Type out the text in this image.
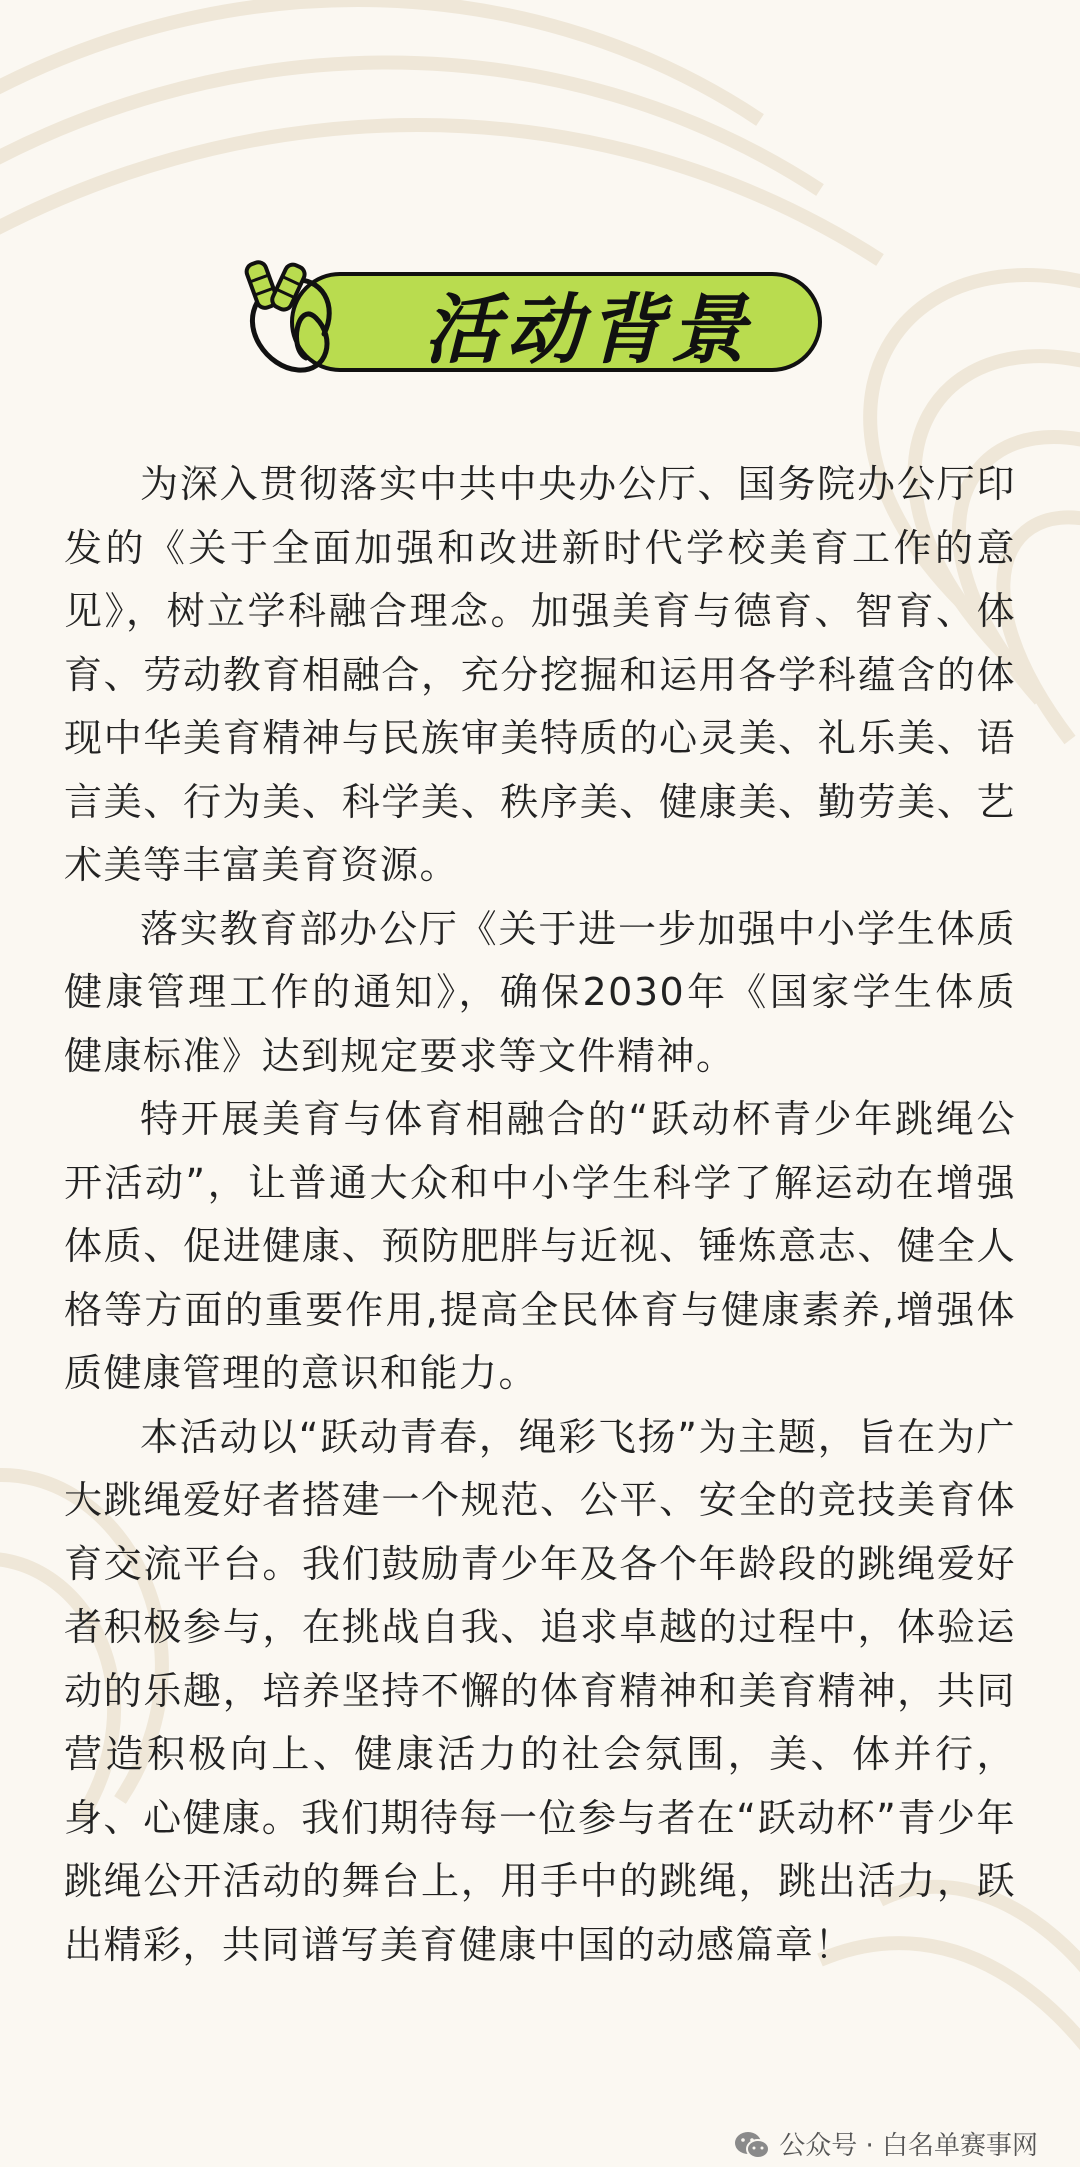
活动背景

为深入贯彻落实中共中央办公厅、国务院办公厅印发的《关于全面加强和改进新时代学校美育工作的意见》，树立学科融合理念。加强美育与德育、智育、体育、劳动教育相融合，充分挖掘和运用各学科蕴含的体现中华美育精神与民族审美特质的心灵美、礼乐美、语言美、行为美、科学美、秩序美、健康美、勤劳美、艺术美等丰富美育资源。

落实教育部办公厅《关于进一步加强中小学生体质健康管理工作的通知》，确保2030年《国家学生体质健康标准》达到规定要求等文件精神。

特开展美育与体育相融合的“跃动杯青少年跳绳公开活动”，让普通大众和中小学生科学了解运动在增强体质、促进健康、预防肥胖与近视、锤炼意志、健全人格等方面的重要作用,提高全民体育与健康素养,增强体质健康管理的意识和能力。

本活动以“跃动青春，绳彩飞扬”为主题，旨在为广大跳绳爱好者搭建一个规范、公平、安全的竞技美育体育交流平台。我们鼓励青少年及各个年龄段的跳绳爱好者积极参与，在挑战自我、追求卓越的过程中，体验运动的乐趣，培养坚持不懈的体育精神和美育精神，共同营造积极向上、健康活力的社会氛围，美、体并行，身、心健康。我们期待每一位参与者在“跃动杯”青少年跳绳公开活动的舞台上，用手中的跳绳，跳出活力，跃出精彩，共同谱写美育健康中国的动感篇章！

公众号 · 白名单赛事网
